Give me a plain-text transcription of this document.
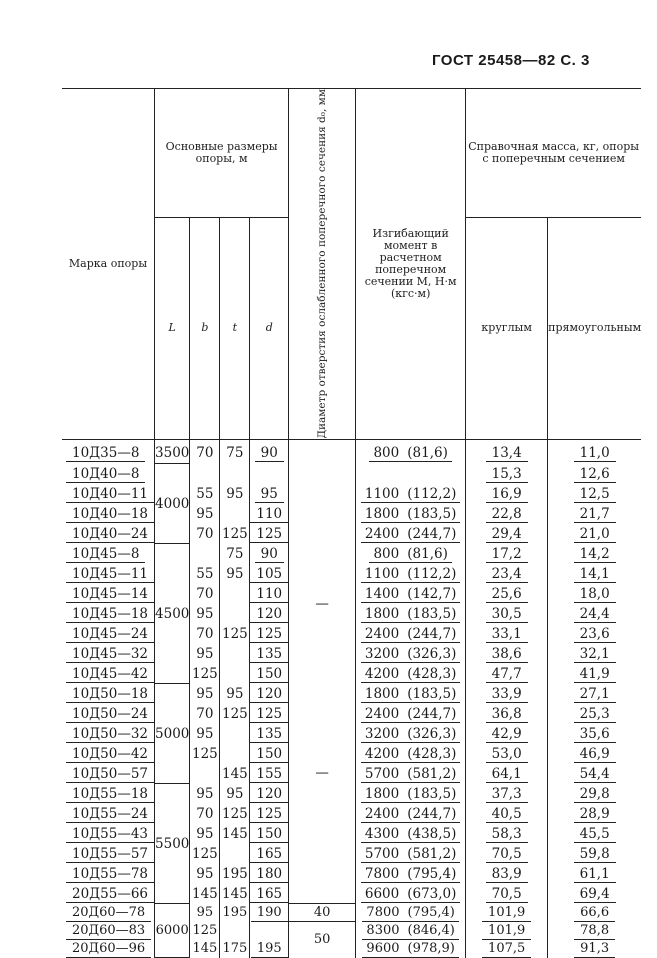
ГОСТ 25458—82 С. 3
Марка опоры	Основные размеры опоры, м				Диаметр отверстия ослабленного поперечного сечения d₀, мм	Изгибающий момент в расчетном поперечном сечении M, Н·м (кгс·м)	Справочная масса, кг, опоры с поперечным сечением	
	L	b	t	d			круглым	прямоугольным

10Д35—8	3500	70	75	90		800 (81,6)	13,4	11,0
10Д40—8	4000						15,3	12,6
10Д40—11		55	95	95		1100 (112,2)	16,9	12,5
10Д40—18		95		110		1800 (183,5)	22,8	21,7
10Д40—24		70	125	125		2400 (244,7)	29,4	21,0
10Д45—8	4500		75	90		800 (81,6)	17,2	14,2
10Д45—11		55	95	105	—	1100 (112,2)	23,4	14,1
10Д45—14		70		110		1400 (142,7)	25,6	18,0
10Д45—18		95		120		1800 (183,5)	30,5	24,4
10Д45—24		70	125	125		2400 (244,7)	33,1	23,6
10Д45—32		95		135	—	3200 (326,3)	38,6	32,1
10Д45—42		125		150		4200 (428,3)	47,7	41,9
10Д50—18	5000	95	95	120		1800 (183,5)	33,9	27,1
10Д50—24		70	125	125		2400 (244,7)	36,8	25,3
10Д50—32		95		135		3200 (326,3)	42,9	35,6
10Д50—42		125		150		4200 (428,3)	53,0	46,9
10Д50—57			145	155		5700 (581,2)	64,1	54,4
10Д55—18	5500	95	95	120		1800 (183,5)	37,3	29,8
10Д55—24		70	125	125		2400 (244,7)	40,5	28,9
10Д55—43		95	145	150		4300 (438,5)	58,3	45,5
10Д55—57		125		165		5700 (581,2)	70,5	59,8
10Д55—78		95	195	180		7800 (795,4)	83,9	61,1
20Д55—66		145	145	165		6600 (673,0)	70,5	69,4
20Д60—78	6000	95	195	190	40	7800 (795,4)	101,9	66,6
20Д60—83		125			50	8300 (846,4)	101,9	78,8
20Д60—96		145	175	195		9600 (978,9)	107,5	91,3
